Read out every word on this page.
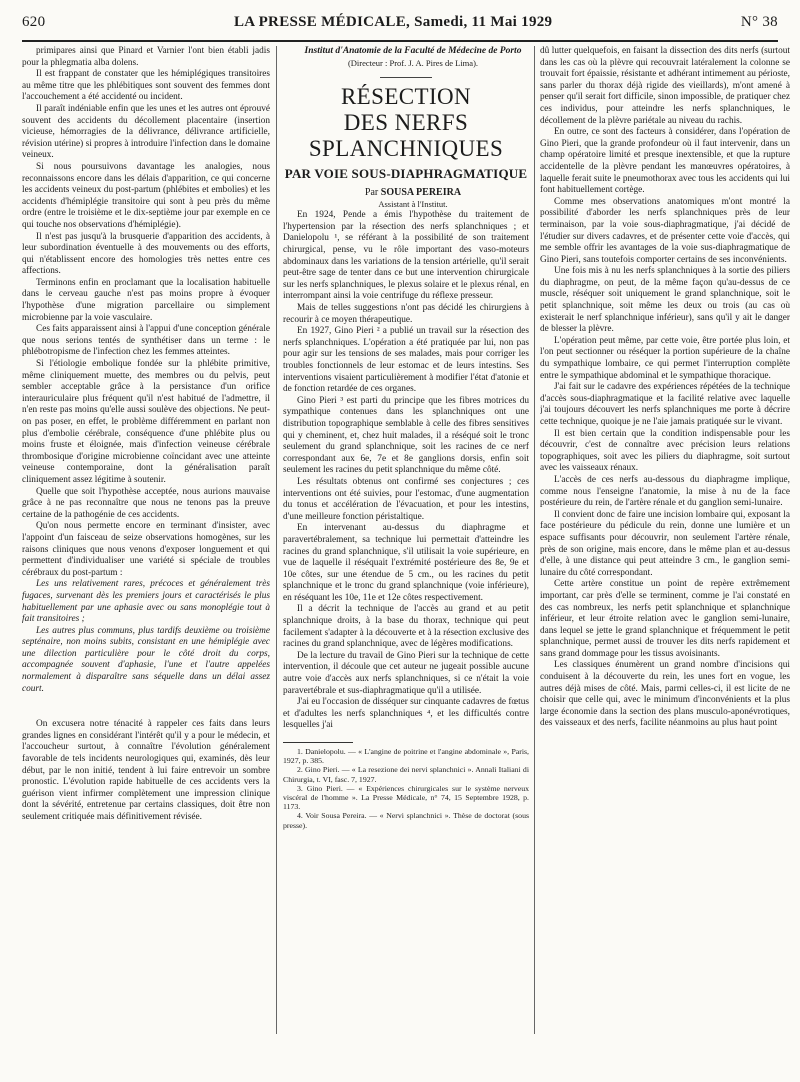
620	LA PRESSE MÉDICALE, Samedi, 11 Mai 1929	N° 38

primipares ainsi que Pinard et Varnier l'ont bien établi jadis pour la phlegmatia alba dolens.

Il est frappant de constater que les hémiplégiques transitoires au même titre que les phlébitiques sont souvent des femmes dont l'accouchement a été accidenté ou incident.

Il paraît indéniable enfin que les unes et les autres ont éprouvé souvent des accidents du décollement placentaire (insertion vicieuse, hémorragies de la délivrance, délivrance artificielle, révision utérine) si propres à introduire l'infection dans le domaine veineux.

Si nous poursuivons davantage les analogies, nous reconnaissons encore dans les délais d'apparition, ce qui concerne les accidents veineux du post-partum (phlébites et embolies) et les accidents d'hémiplégie transitoire qui sont à peu près du même ordre (entre le troisième et le dix-septième jour par exemple en ce qui touche nos observations d'hémiplégie).

Il n'est pas jusqu'à la brusquerie d'apparition des accidents, à leur subordination éventuelle à des mouvements ou des efforts, qui n'établissent encore des homologies très nettes entre ces affections.

Terminons enfin en proclamant que la localisation habituelle dans le cerveau gauche n'est pas moins propre à évoquer l'hypothèse d'une migration parcellaire ou simplement microbienne par la voie vasculaire.

Ces faits apparaissent ainsi à l'appui d'une conception générale que nous serions tentés de synthétiser dans un terme : le phlébotropisme de l'infection chez les femmes atteintes.

Si l'étiologie embolique fondée sur la phlébite primitive, même cliniquement muette, des membres ou du pelvis, peut sembler acceptable grâce à la persistance d'un orifice interauriculaire plus fréquent qu'il n'est habitué de l'admettre, il n'en reste pas moins qu'elle aussi soulève des objections. Ne peut-on pas poser, en effet, le problème différemment en parlant non plus d'embolie cérébrale, conséquence d'une phlébite plus ou moins fruste et éloignée, mais d'infection veineuse cérébrale thrombosique d'origine microbienne coïncidant avec une atteinte veineuse contemporaine, dont la généralisation paraît cliniquement assez légitime à soutenir.

Quelle que soit l'hypothèse acceptée, nous aurions mauvaise grâce à ne pas reconnaître que nous ne tenons pas la preuve certaine de la pathogénie de ces accidents.

Qu'on nous permette encore en terminant d'insister, avec l'appoint d'un faisceau de seize observations homogènes, sur les raisons cliniques que nous venons d'exposer longuement et qui permettent d'individualiser une variété si spéciale de troubles cérébraux du post-partum :

Les uns relativement rares, précoces et généralement très fugaces, survenant dès les premiers jours et caractérisés le plus habituellement par une aphasie avec ou sans monoplégie tout à fait transitoires ;

Les autres plus communs, plus tardifs deuxième ou troisième septénaire, non moins subits, consistant en une hémiplégie avec une dilection particulière pour le côté droit du corps, accompagnée souvent d'aphasie, l'une et l'autre appelées normalement à disparaître sans séquelle dans un délai assez court.

On excusera notre ténacité à rappeler ces faits dans leurs grandes lignes en considérant l'intérêt qu'il y a pour le médecin, et l'accoucheur surtout, à connaître l'évolution généralement favorable de tels incidents neurologiques qui, examinés, dès leur début, par le non initié, tendent à lui faire entrevoir un sombre pronostic. L'évolution rapide habituelle de ces accidents vers la guérison vient infirmer complètement une impression clinique dont la sévérité, entretenue par certains classiques, doit être non seulement critiquée mais définitivement révisée.

Institut d'Anatomie de la Faculté de Médecine de Porto

(Directeur : Prof. J. A. Pires de Lima).

RÉSECTION
DES NERFS SPLANCHNIQUES
PAR VOIE SOUS-DIAPHRAGMATIQUE

Par SOUSA PEREIRA

Assistant à l'Institut.

En 1924, Pende a émis l'hypothèse du traitement de l'hypertension par la résection des nerfs splanchniques ; et Danielopolu ¹, se référant à la possibilité de son traitement chirurgical, pense, vu le rôle important des vaso-moteurs abdominaux dans les variations de la tension artérielle, qu'il serait peut-être sage de tenter dans ce but une intervention chirurgicale sur les nerfs splanchniques, le plexus solaire et le plexus rénal, en interrompant ainsi la voie centrifuge du réflexe presseur.

Mais de telles suggestions n'ont pas décidé les chirurgiens à recourir à ce moyen thérapeutique.

En 1927, Gino Pieri ² a publié un travail sur la résection des nerfs splanchniques. L'opération a été pratiquée par lui, non pas pour agir sur les tensions de ses malades, mais pour corriger les troubles fonctionnels de leur estomac et de leurs intestins. Ses interventions visaient particulièrement à modifier l'état d'atonie et de fonction retardée de ces organes.

Gino Pieri ³ est parti du principe que les fibres motrices du sympathique contenues dans les splanchniques ont une distribution topographique semblable à celle des fibres sensitives qui y cheminent, et, chez huit malades, il a réséqué soit le tronc seulement du grand splanchnique, soit les racines de ce nerf correspondant aux 6e, 7e et 8e ganglions dorsis, enfin soit seulement les racines du petit splanchnique du même côté.

Les résultats obtenus ont confirmé ses conjectures ; ces interventions ont été suivies, pour l'estomac, d'une augmentation du tonus et accélération de l'évacuation, et pour les intestins, d'une meilleure fonction péristaltique.

En intervenant au-dessus du diaphragme et paravertébralement, sa technique lui permettait d'atteindre les racines du grand splanchnique, s'il utilisait la voie supérieure, en vue de laquelle il réséquait l'extrémité postérieure des 8e, 9e et 10e côtes, sur une étendue de 5 cm., ou les racines du petit splanchnique et le tronc du grand splanchnique (voie inférieure), en réséquant les 10e, 11e et 12e côtes respectivement.

Il a décrit la technique de l'accès au grand et au petit splanchnique droits, à la base du thorax, technique qui peut facilement s'adapter à la découverte et à la résection exclusive des racines du grand splanchnique, avec de légères modifications.

De la lecture du travail de Gino Pieri sur la technique de cette intervention, il découle que cet auteur ne jugeait possible aucune autre voie d'accès aux nerfs splanchniques, si ce n'était la voie paravertébrale et sus-diaphragmatique qu'il a utilisée.

J'ai eu l'occasion de disséquer sur cinquante cadavres de fœtus et d'adultes les nerfs splanchniques ⁴, et les difficultés contre lesquelles j'ai

1. Danielopolu. — « L'angine de poitrine et l'angine abdominale », Paris, 1927, p. 385.

2. Gino Pieri. — « La resezione dei nervi splanchnici ». Annali Italiani di Chirurgia, t. VI, fasc. 7, 1927.

3. Gino Pieri. — « Expériences chirurgicales sur le système nerveux viscéral de l'homme ». La Presse Médicale, n° 74, 15 Septembre 1928, p. 1173.

4. Voir Sousa Pereira. — « Nervi splanchnici ». Thèse de doctorat (sous presse).

dû lutter quelquefois, en faisant la dissection des dits nerfs (surtout dans les cas où la plèvre qui recouvrait latéralement la colonne se trouvait fort épaissie, résistante et adhérant intimement au périoste, sans parler du thorax déjà rigide des vieillards), m'ont amené à penser qu'il serait fort difficile, sinon impossible, de pratiquer chez ces individus, pour atteindre les nerfs splanchniques, le décollement de la plèvre pariétale au niveau du rachis.

En outre, ce sont des facteurs à considérer, dans l'opération de Gino Pieri, que la grande profondeur où il faut intervenir, dans un champ opératoire limité et presque inextensible, et que la rupture accidentelle de la plèvre pendant les manœuvres opératoires, à laquelle ferait suite le pneumothorax avec tous les accidents qui lui font habituellement cortège.

Comme mes observations anatomiques m'ont montré la possibilité d'aborder les nerfs splanchniques près de leur terminaison, par la voie sous-diaphragmatique, j'ai décidé de l'étudier sur divers cadavres, et de présenter cette voie d'accès, qui me semble offrir les avantages de la voie sus-diaphragmatique de Gino Pieri, sans toutefois comporter certains de ses inconvénients.

Une fois mis à nu les nerfs splanchniques à la sortie des piliers du diaphragme, on peut, de la même façon qu'au-dessus de ce muscle, réséquer soit uniquement le grand splanchnique, soit le petit splanchnique, soit même les deux ou trois (au cas où existerait le nerf splanchnique inférieur), sans qu'il y ait le danger de blesser la plèvre.

L'opération peut même, par cette voie, être portée plus loin, et l'on peut sectionner ou réséquer la portion supérieure de la chaîne du sympathique lombaire, ce qui permet l'interruption complète entre le sympathique abdominal et le sympathique thoracique.

J'ai fait sur le cadavre des expériences répétées de la technique d'accès sous-diaphragmatique et la facilité relative avec laquelle j'ai toujours découvert les nerfs splanchniques me porte à décrire cette technique, quoique je ne l'aie jamais pratiquée sur le vivant.

Il est bien certain que la condition indispensable pour les découvrir, c'est de connaître avec précision leurs relations topographiques, soit avec les piliers du diaphragme, soit surtout avec les vaisseaux rénaux.

L'accès de ces nerfs au-dessous du diaphragme implique, comme nous l'enseigne l'anatomie, la mise à nu de la face postérieure du rein, de l'artère rénale et du ganglion semi-lunaire.

Il convient donc de faire une incision lombaire qui, exposant la face postérieure du pédicule du rein, donne une lumière et un espace suffisants pour découvrir, non seulement l'artère rénale, près de son origine, mais encore, dans le même plan et au-dessus d'elle, à une distance qui peut atteindre 3 cm., le ganglion semi-lunaire du côté correspondant.

Cette artère constitue un point de repère extrêmement important, car près d'elle se terminent, comme je l'ai constaté en des cas nombreux, les nerfs petit splanchnique et splanchnique inférieur, et leur étroite relation avec le ganglion semi-lunaire, dans lequel se jette le grand splanchnique et fréquemment le petit splanchnique, permet aussi de trouver les dits nerfs rapidement et sans grand dommage pour les tissus avoisinants.

Les classiques énumèrent un grand nombre d'incisions qui conduisent à la découverte du rein, les unes fort en vogue, les autres déjà mises de côté. Mais, parmi celles-ci, il est licite de ne choisir que celle qui, avec le minimum d'inconvénients et la plus large économie dans la section des plans musculo-aponévrotiques, des vaisseaux et des nerfs, facilite néanmoins au plus haut point
